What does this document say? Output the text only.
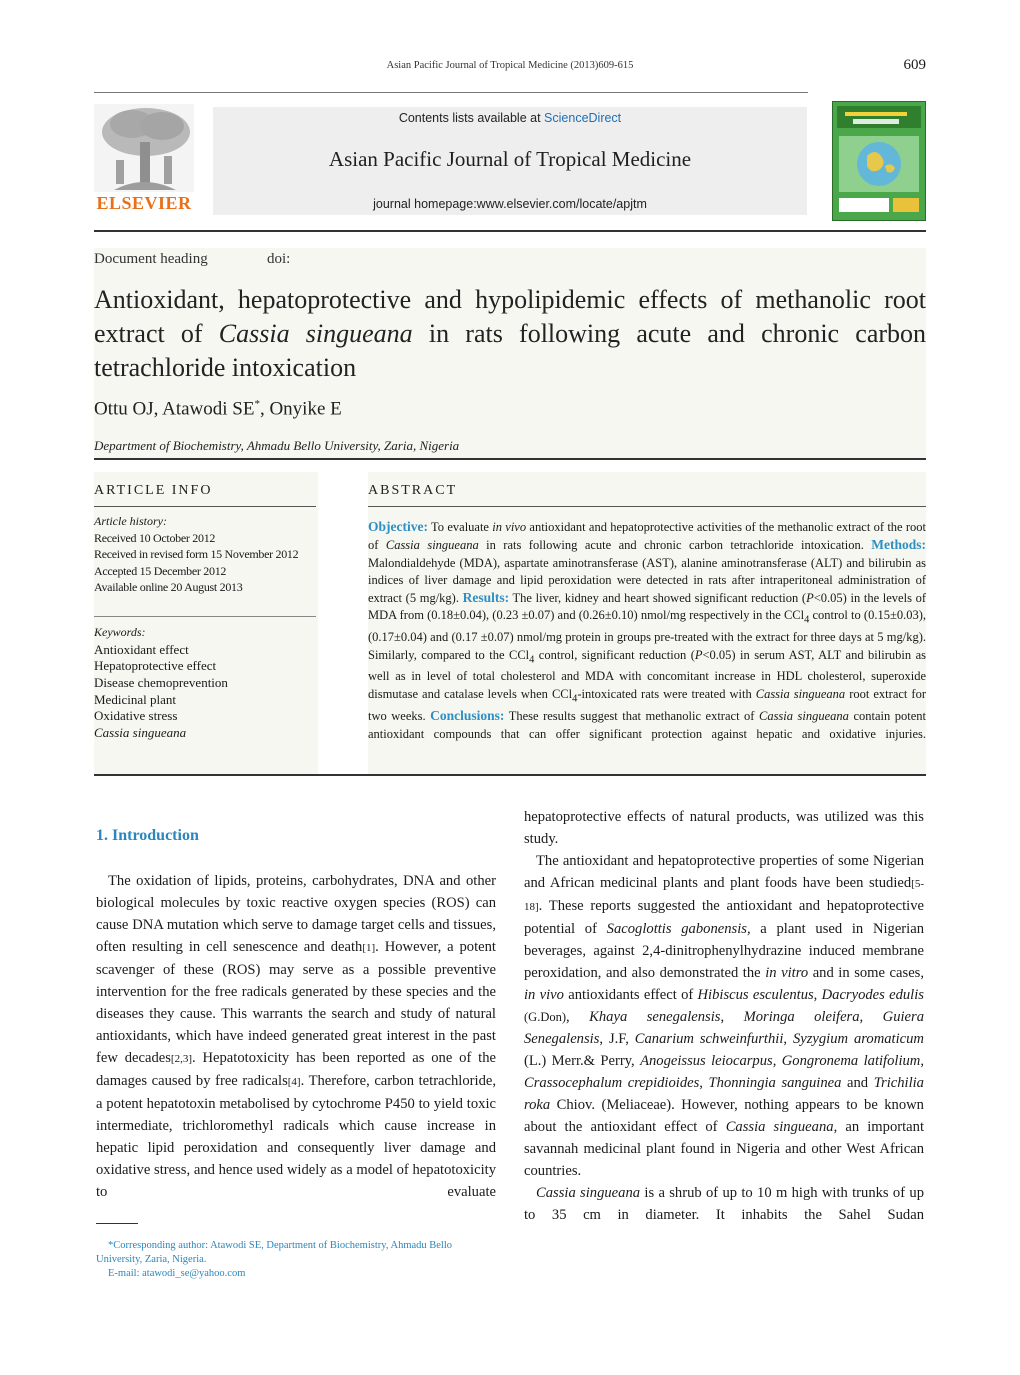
Asian Pacific Journal of Tropical Medicine (2013)609-615	609
ELSEVIER
Contents lists available at ScienceDirect
Asian Pacific Journal of Tropical Medicine
journal homepage:www.elsevier.com/locate/apjtm
Document heading	doi:
Antioxidant, hepatoprotective and hypolipidemic effects of methanolic root extract of Cassia singueana in rats following acute and chronic carbon tetrachloride intoxication
Ottu OJ, Atawodi SE*, Onyike E
Department of Biochemistry, Ahmadu Bello University, Zaria, Nigeria
ARTICLE INFO
Article history:
Received 10 October 2012
Received in revised form 15 November 2012
Accepted 15 December 2012
Available online 20 August 2013
Keywords:
Antioxidant effect
Hepatoprotective effect
Disease chemoprevention
Medicinal plant
Oxidative stress
Cassia singueana
ABSTRACT
Objective: To evaluate in vivo antioxidant and hepatoprotective activities of the methanolic extract of the root of Cassia singueana in rats following acute and chronic carbon tetrachloride intoxication. Methods: Malondialdehyde (MDA), aspartate aminotransferase (AST), alanine aminotransferase (ALT) and bilirubin as indices of liver damage and lipid peroxidation were detected in rats after intraperitoneal administration of extract (5 mg/kg). Results: The liver, kidney and heart showed significant reduction (P<0.05) in the levels of MDA from (0.18±0.04), (0.23 ±0.07) and (0.26±0.10) nmol/mg respectively in the CCl$_4$ control to (0.15±0.03), (0.17±0.04) and (0.17 ±0.07) nmol/mg protein in groups pre-treated with the extract for three days at 5 mg/kg). Similarly, compared to the CCl$_4$ control, significant reduction (P<0.05) in serum AST, ALT and bilirubin as well as in level of total cholesterol and MDA with concomitant increase in HDL cholesterol, superoxide dismutase and catalase levels when CCl$_4$-intoxicated rats were treated with Cassia singueana root extract for two weeks. Conclusions: These results suggest that methanolic extract of Cassia singueana contain potent antioxidant compounds that can offer significant protection against hepatic and oxidative injuries.
1. Introduction
The oxidation of lipids, proteins, carbohydrates, DNA and other biological molecules by toxic reactive oxygen species (ROS) can cause DNA mutation which serve to damage target cells and tissues, often resulting in cell senescence and death[1]. However, a potent scavenger of these (ROS) may serve as a possible preventive intervention for the free radicals generated by these species and the diseases they cause. This warrants the search and study of natural antioxidants, which have indeed generated great interest in the past few decades[2,3]. Hepatotoxicity has been reported as one of the damages caused by free radicals[4]. Therefore, carbon tetrachloride, a potent hepatotoxin metabolised by cytochrome P450 to yield toxic intermediate, trichloromethyl radicals which cause increase in hepatic lipid peroxidation and consequently liver damage and oxidative stress, and hence used widely as a model of hepatotoxicity to evaluate
hepatoprotective effects of natural products, was utilized was this study.
The antioxidant and hepatoprotective properties of some Nigerian and African medicinal plants and plant foods have been studied[5-18]. These reports suggested the antioxidant and hepatoprotective potential of Sacoglottis gabonensis, a plant used in Nigerian beverages, against 2,4-dinitrophenylhydrazine induced membrane peroxidation, and also demonstrated the in vitro and in some cases, in vivo antioxidants effect of Hibiscus esculentus, Dacryodes edulis (G.Don), Khaya senegalensis, Moringa oleifera, Guiera Senegalensis, J.F, Canarium schweinfurthii, Syzygium aromaticum (L.) Merr.& Perry, Anogeissus leiocarpus, Gongronema latifolium, Crassocephalum crepidioides, Thonningia sanguinea and Trichilia roka Chiov. (Meliaceae). However, nothing appears to be known about the antioxidant effect of Cassia singueana, an important savannah medicinal plant found in Nigeria and other West African countries.
Cassia singueana is a shrub of up to 10 m high with trunks of up to 35 cm in diameter. It inhabits the Sahel Sudan
*Corresponding author: Atawodi SE, Department of Biochemistry, Ahmadu Bello University, Zaria, Nigeria.
E-mail: atawodi_se@yahoo.com
